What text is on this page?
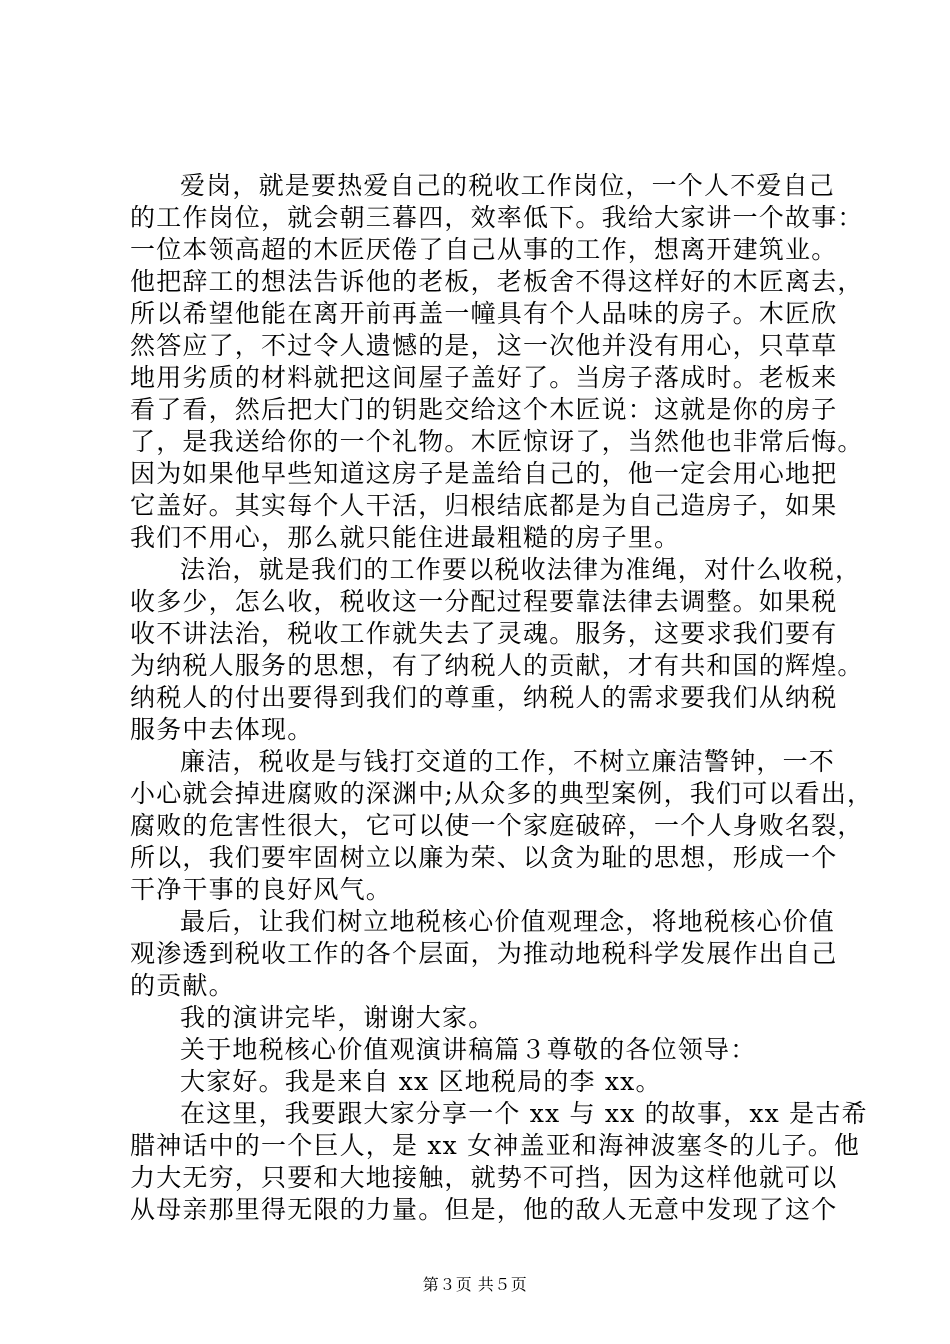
爱岗，就是要热爱自己的税收工作岗位，一个人不爱自己
的工作岗位，就会朝三暮四，效率低下。我给大家讲一个故事：
一位本领高超的木匠厌倦了自己从事的工作，想离开建筑业。
他把辞工的想法告诉他的老板，老板舍不得这样好的木匠离去，
所以希望他能在离开前再盖一幢具有个人品味的房子。木匠欣
然答应了，不过令人遗憾的是，这一次他并没有用心，只草草
地用劣质的材料就把这间屋子盖好了。当房子落成时。老板来
看了看，然后把大门的钥匙交给这个木匠说：这就是你的房子
了，是我送给你的一个礼物。木匠惊讶了，当然他也非常后悔。
因为如果他早些知道这房子是盖给自己的，他一定会用心地把
它盖好。其实每个人干活，归根结底都是为自己造房子，如果
我们不用心，那么就只能住进最粗糙的房子里。
法治，就是我们的工作要以税收法律为准绳，对什么收税，
收多少，怎么收，税收这一分配过程要靠法律去调整。如果税
收不讲法治，税收工作就失去了灵魂。服务，这要求我们要有
为纳税人服务的思想，有了纳税人的贡献，才有共和国的辉煌。
纳税人的付出要得到我们的尊重，纳税人的需求要我们从纳税
服务中去体现。
廉洁，税收是与钱打交道的工作，不树立廉洁警钟，一不
小心就会掉进腐败的深渊中;从众多的典型案例，我们可以看出，
腐败的危害性很大，它可以使一个家庭破碎，一个人身败名裂，
所以，我们要牢固树立以廉为荣、以贪为耻的思想，形成一个
干净干事的良好风气。
最后，让我们树立地税核心价值观理念，将地税核心价值
观渗透到税收工作的各个层面，为推动地税科学发展作出自己
的贡献。
我的演讲完毕，谢谢大家。
关于地税核心价值观演讲稿篇３尊敬的各位领导：
大家好。我是来自 xx 区地税局的李 xx。
在这里，我要跟大家分享一个 xx 与 xx 的故事，xx 是古希
腊神话中的一个巨人，是 xx 女神盖亚和海神波塞冬的儿子。他
力大无穷，只要和大地接触，就势不可挡，因为这样他就可以
从母亲那里得无限的力量。但是，他的敌人无意中发现了这个
第３页 共５页
